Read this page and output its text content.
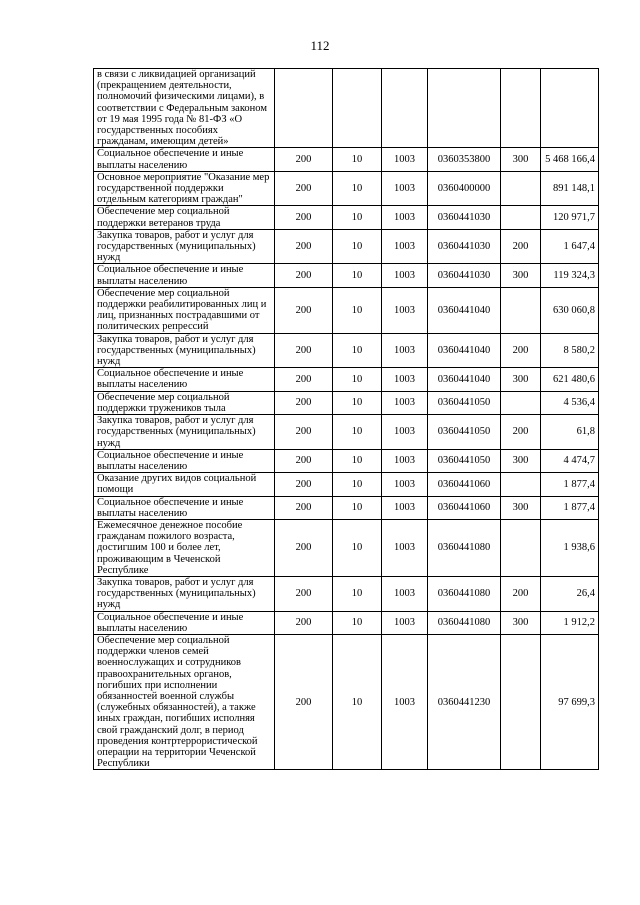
112
в связи с ликвидацией организаций (прекращением деятельности, полномочий физическими лицами), в соответствии с Федеральным законом от 19 мая 1995 года № 81-ФЗ «О государственных пособиях гражданам, имеющим детей»						
Социальное обеспечение и иные выплаты населению	200	10	1003	0360353800	300	5 468 166,4
Основное мероприятие "Оказание мер государственной поддержки отдельным категориям граждан"	200	10	1003	0360400000		891 148,1
Обеспечение мер социальной поддержки ветеранов труда	200	10	1003	0360441030		120 971,7
Закупка товаров, работ и услуг для государственных (муниципальных) нужд	200	10	1003	0360441030	200	1 647,4
Социальное обеспечение и иные выплаты населению	200	10	1003	0360441030	300	119 324,3
Обеспечение мер социальной поддержки реабилитированных лиц и лиц, признанных пострадавшими от политических репрессий	200	10	1003	0360441040		630 060,8
Закупка товаров, работ и услуг для государственных (муниципальных) нужд	200	10	1003	0360441040	200	8 580,2
Социальное обеспечение и иные выплаты населению	200	10	1003	0360441040	300	621 480,6
Обеспечение мер социальной поддержки тружеников тыла	200	10	1003	0360441050		4 536,4
Закупка товаров, работ и услуг для государственных (муниципальных) нужд	200	10	1003	0360441050	200	61,8
Социальное обеспечение и иные выплаты населению	200	10	1003	0360441050	300	4 474,7
Оказание других видов социальной помощи	200	10	1003	0360441060		1 877,4
Социальное обеспечение и иные выплаты населению	200	10	1003	0360441060	300	1 877,4
Ежемесячное денежное пособие гражданам пожилого возраста, достигшим 100 и более лет, проживающим в Чеченской Республике	200	10	1003	0360441080		1 938,6
Закупка товаров, работ и услуг для государственных (муниципальных) нужд	200	10	1003	0360441080	200	26,4
Социальное обеспечение и иные выплаты населению	200	10	1003	0360441080	300	1 912,2
Обеспечение мер социальной поддержки членов семей военнослужащих и сотрудников правоохранительных органов, погибших при исполнении обязанностей военной службы (служебных обязанностей), а также иных граждан, погибших исполняя свой гражданский долг, в период проведения контртеррористической операции на территории Чеченской Республики	200	10	1003	0360441230		97 699,3
